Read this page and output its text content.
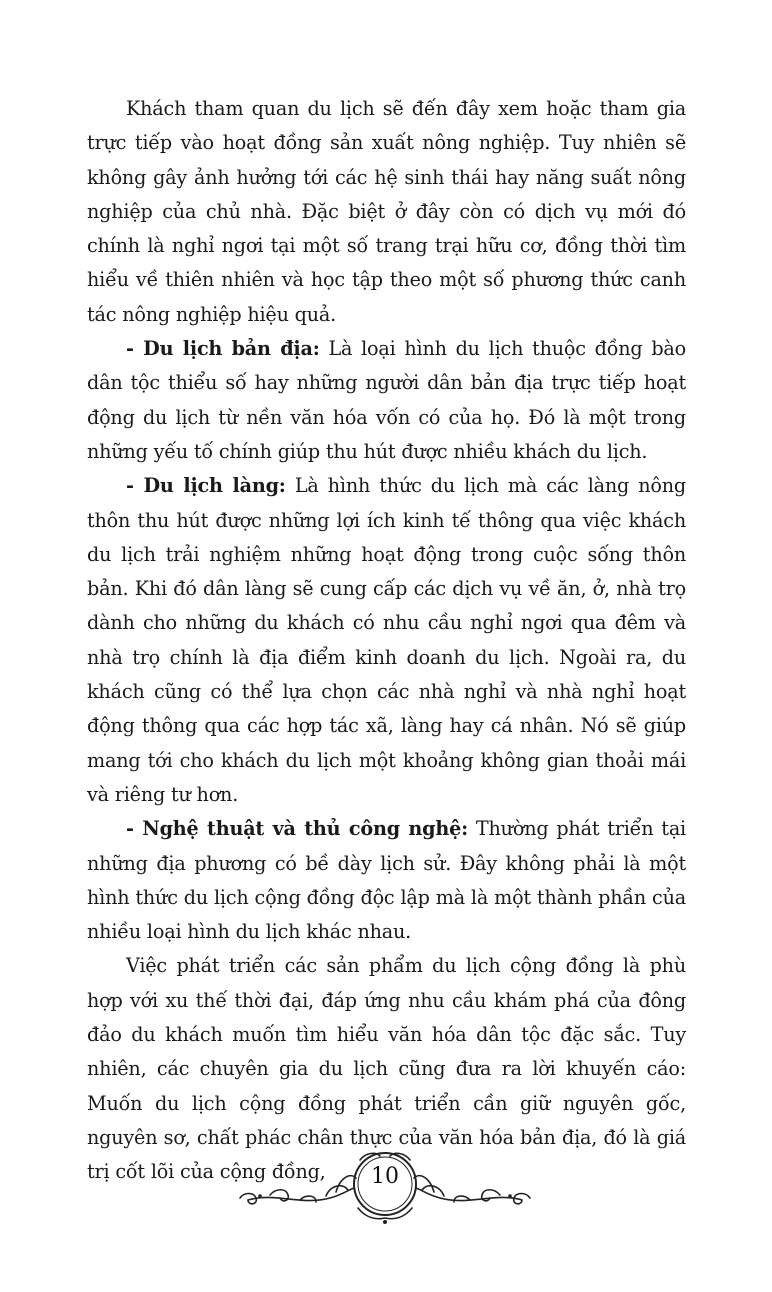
Khách tham quan du lịch sẽ đến đây xem hoặc tham gia trực tiếp vào hoạt đồng sản xuất nông nghiệp. Tuy nhiên sẽ không gây ảnh hưởng tới các hệ sinh thái hay năng suất nông nghiệp của chủ nhà. Đặc biệt ở đây còn có dịch vụ mới đó chính là nghỉ ngơi tại một số trang trại hữu cơ, đồng thời tìm hiểu về thiên nhiên và học tập theo một số phương thức canh tác nông nghiệp hiệu quả.

- Du lịch bản địa: Là loại hình du lịch thuộc đồng bào dân tộc thiểu số hay những người dân bản địa trực tiếp hoạt động du lịch từ nền văn hóa vốn có của họ. Đó là một trong những yếu tố chính giúp thu hút được nhiều khách du lịch.

- Du lịch làng: Là hình thức du lịch mà các làng nông thôn thu hút được những lợi ích kinh tế thông qua việc khách du lịch trải nghiệm những hoạt động trong cuộc sống thôn bản. Khi đó dân làng sẽ cung cấp các dịch vụ về ăn, ở, nhà trọ dành cho những du khách có nhu cầu nghỉ ngơi qua đêm và nhà trọ chính là địa điểm kinh doanh du lịch. Ngoài ra, du khách cũng có thể lựa chọn các nhà nghỉ và nhà nghỉ hoạt động thông qua các hợp tác xã, làng hay cá nhân. Nó sẽ giúp mang tới cho khách du lịch một khoảng không gian thoải mái và riêng tư hơn.

- Nghệ thuật và thủ công nghệ: Thường phát triển tại những địa phương có bề dày lịch sử. Đây không phải là một hình thức du lịch cộng đồng độc lập mà là một thành phần của nhiều loại hình du lịch khác nhau.

Việc phát triển các sản phẩm du lịch cộng đồng là phù hợp với xu thế thời đại, đáp ứng nhu cầu khám phá của đông đảo du khách muốn tìm hiểu văn hóa dân tộc đặc sắc. Tuy nhiên, các chuyên gia du lịch cũng đưa ra lời khuyến cáo: Muốn du lịch cộng đồng phát triển cần giữ nguyên gốc, nguyên sơ, chất phác chân thực của văn hóa bản địa, đó là giá trị cốt lõi của cộng đồng,	10
